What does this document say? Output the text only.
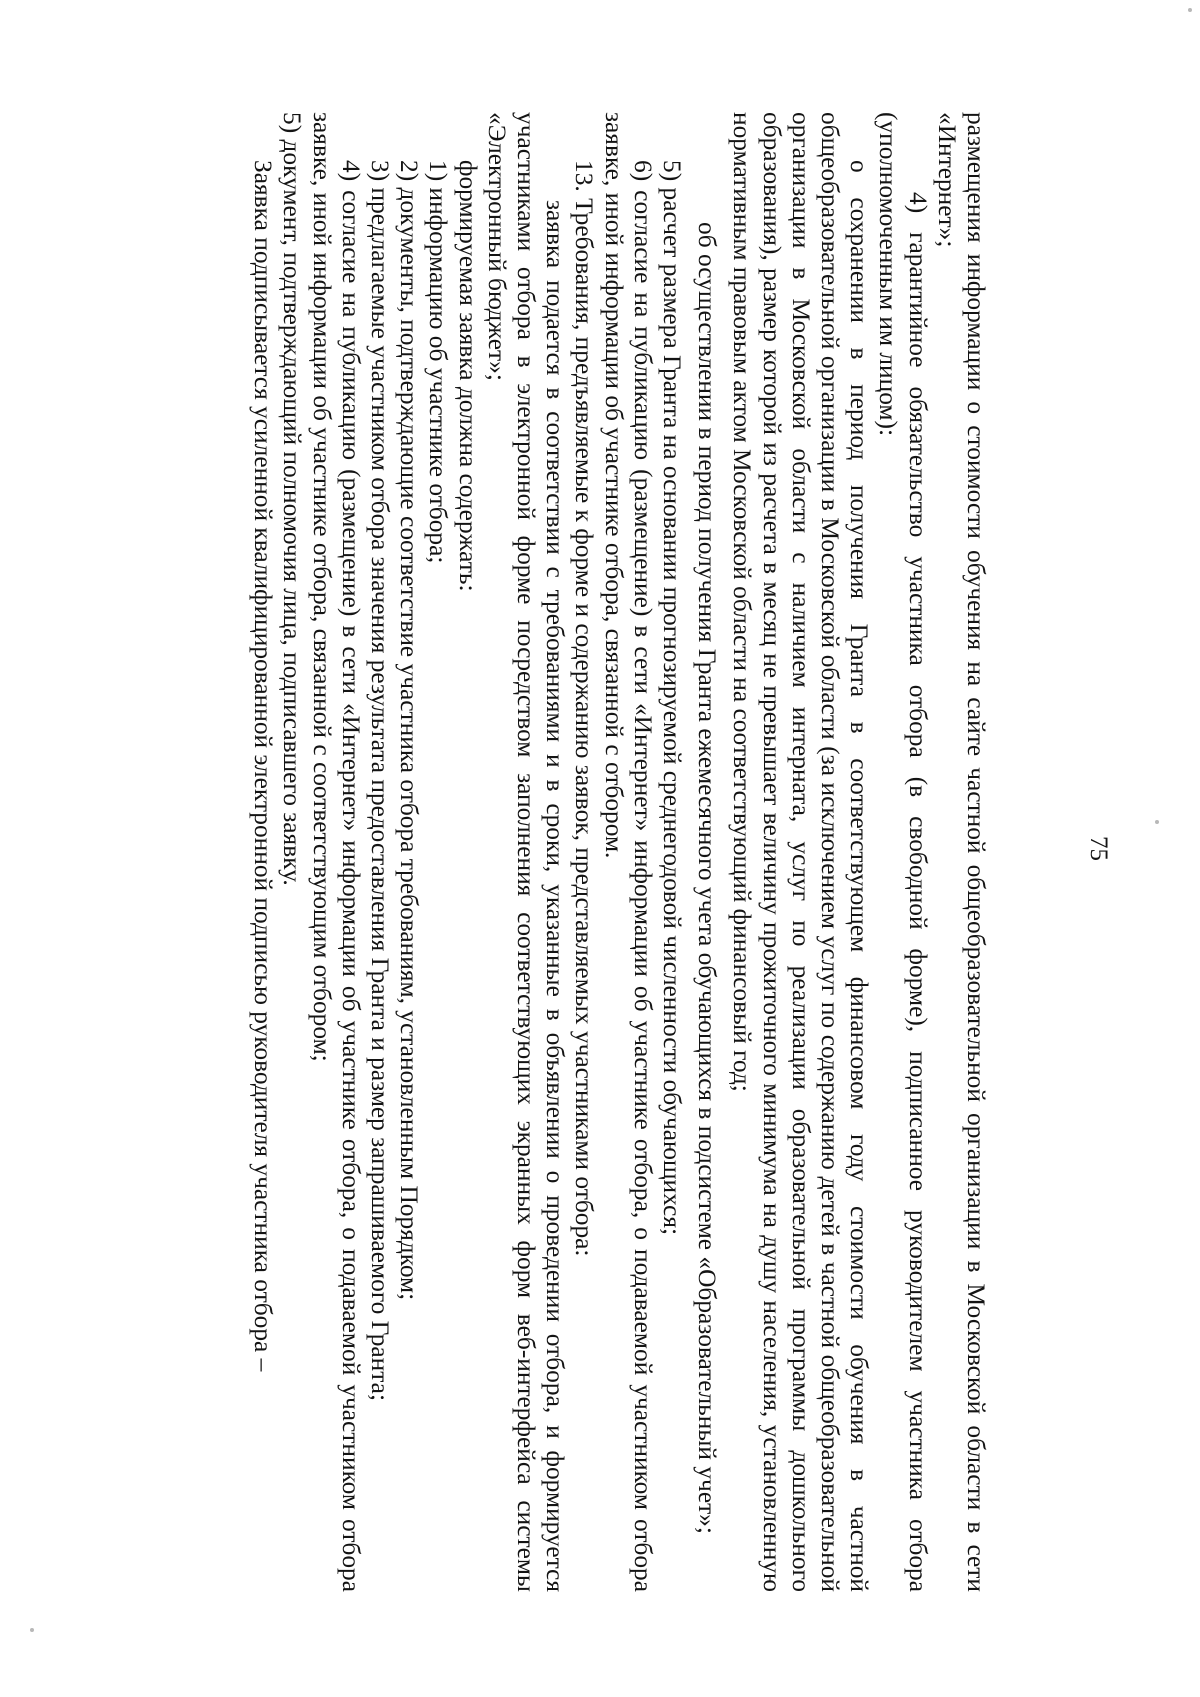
75

размещения информации о стоимости обучения на сайте частной общеобразовательной организации в Московской области в сети «Интернет»;

4) гарантийное обязательство участника отбора (в свободной форме), подписанное руководителем участника отбора (уполномоченным им лицом):

о сохранении в период получения Гранта в соответствующем финансовом году стоимости обучения в частной общеобразовательной организации в Московской области (за исключением услуг по содержанию детей в частной общеобразовательной организации в Московской области с наличием интерната, услуг по реализации образовательной программы дошкольного образования), размер которой из расчета в месяц не превышает величину прожиточного минимума на душу населения, установленную нормативным правовым актом Московской области на соответствующий финансовый год;

об осуществлении в период получения Гранта ежемесячного учета обучающихся в подсистеме «Образовательный учет»;

5) расчет размера Гранта на основании прогнозируемой среднегодовой численности обучающихся;

6) согласие на публикацию (размещение) в сети «Интернет» информации об участнике отбора, о подаваемой участником отбора заявке, иной информации об участнике отбора, связанной с отбором.

13. Требования, предъявляемые к форме и содержанию заявок, представляемых участниками отбора:

заявка подается в соответствии с требованиями и в сроки, указанные в объявлении о проведении отбора, и формируется участниками отбора в электронной форме посредством заполнения соответствующих экранных форм веб-интерфейса системы «Электронный бюджет»;

формируемая заявка должна содержать:

1) информацию об участнике отбора;

2) документы, подтверждающие соответствие участника отбора требованиям, установленным Порядком;

3) предлагаемые участником отбора значения результата предоставления Гранта и размер запрашиваемого Гранта;

4) согласие на публикацию (размещение) в сети «Интернет» информации об участнике отбора, о подаваемой участником отбора заявке, иной информации об участнике отбора, связанной с соответствующим отбором;

5) документ, подтверждающий полномочия лица, подписавшего заявку.

Заявка подписывается усиленной квалифицированной электронной подписью руководителя участника отбора –
